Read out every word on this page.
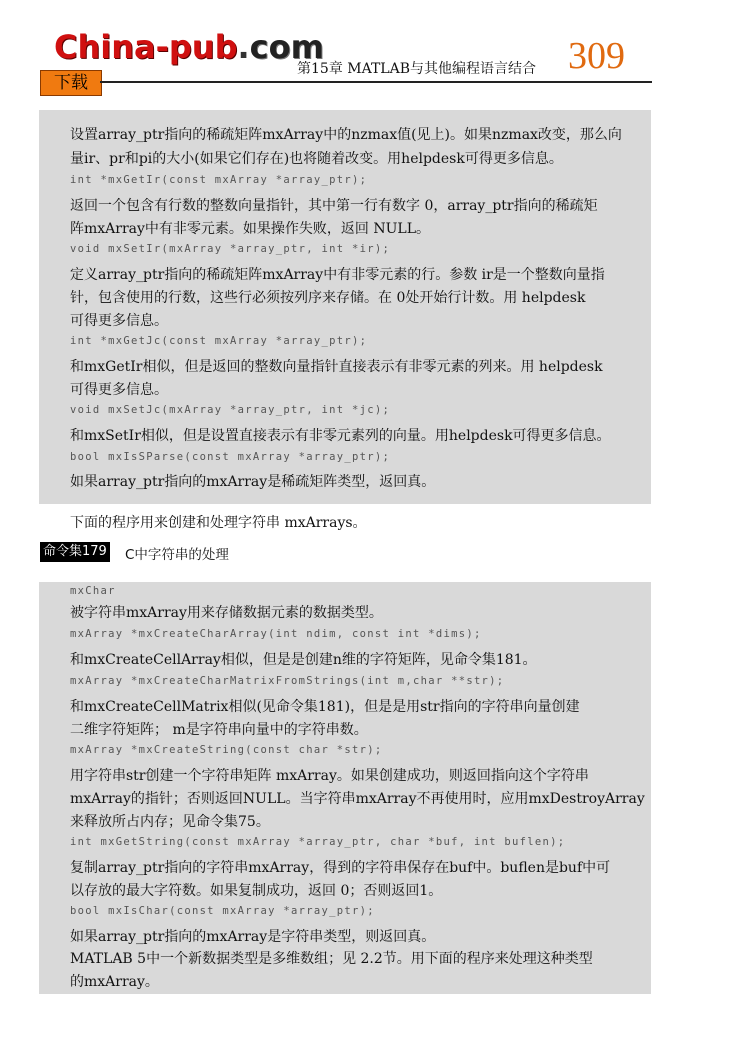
China-pub.com
下载
第15章 MATLAB与其他编程语言结合 309
设置array_ptr指向的稀疏矩阵mxArray中的nzmax值(见上)。如果nzmax改变，那么向
量ir、pr和pi的大小(如果它们存在)也将随着改变。用helpdesk可得更多信息。
int *mxGetIr(const mxArray *array_ptr);
返回一个包含有行数的整数向量指针，其中第一行有数字 0，array_ptr指向的稀疏矩
阵mxArray中有非零元素。如果操作失败，返回 NULL。
void mxSetIr(mxArray *array_ptr, int *ir);
定义array_ptr指向的稀疏矩阵mxArray中有非零元素的行。参数 ir是一个整数向量指
针，包含使用的行数，这些行必须按列序来存储。在 0处开始行计数。用 helpdesk
可得更多信息。
int *mxGetJc(const mxArray *array_ptr);
和mxGetIr相似，但是返回的整数向量指针直接表示有非零元素的列来。用 helpdesk
可得更多信息。
void mxSetJc(mxArray *array_ptr, int *jc);
和mxSetIr相似，但是设置直接表示有非零元素列的向量。用helpdesk可得更多信息。
bool mxIsSParse(const mxArray *array_ptr);
如果array_ptr指向的mxArray是稀疏矩阵类型，返回真。
下面的程序用来创建和处理字符串 mxArrays。
命令集179 C中字符串的处理
mxChar
被字符串mxArray用来存储数据元素的数据类型。
mxArray *mxCreateCharArray(int ndim, const int *dims);
和mxCreateCellArray相似，但是是创建n维的字符矩阵，见命令集181。
mxArray *mxCreateCharMatrixFromStrings(int m,char **str);
和mxCreateCellMatrix相似(见命令集181)，但是是用str指向的字符串向量创建
二维字符矩阵； m是字符串向量中的字符串数。
mxArray *mxCreateString(const char *str);
用字符串str创建一个字符串矩阵 mxArray。如果创建成功，则返回指向这个字符串
mxArray的指针；否则返回NULL。当字符串mxArray不再使用时，应用mxDestroyArray
来释放所占内存；见命令集75。
int mxGetString(const mxArray *array_ptr, char *buf, int buflen);
复制array_ptr指向的字符串mxArray，得到的字符串保存在buf中。buflen是buf中可
以存放的最大字符数。如果复制成功，返回 0；否则返回1。
bool mxIsChar(const mxArray *array_ptr);
如果array_ptr指向的mxArray是字符串类型，则返回真。
MATLAB 5中一个新数据类型是多维数组；见 2.2节。用下面的程序来处理这种类型
的mxArray。
